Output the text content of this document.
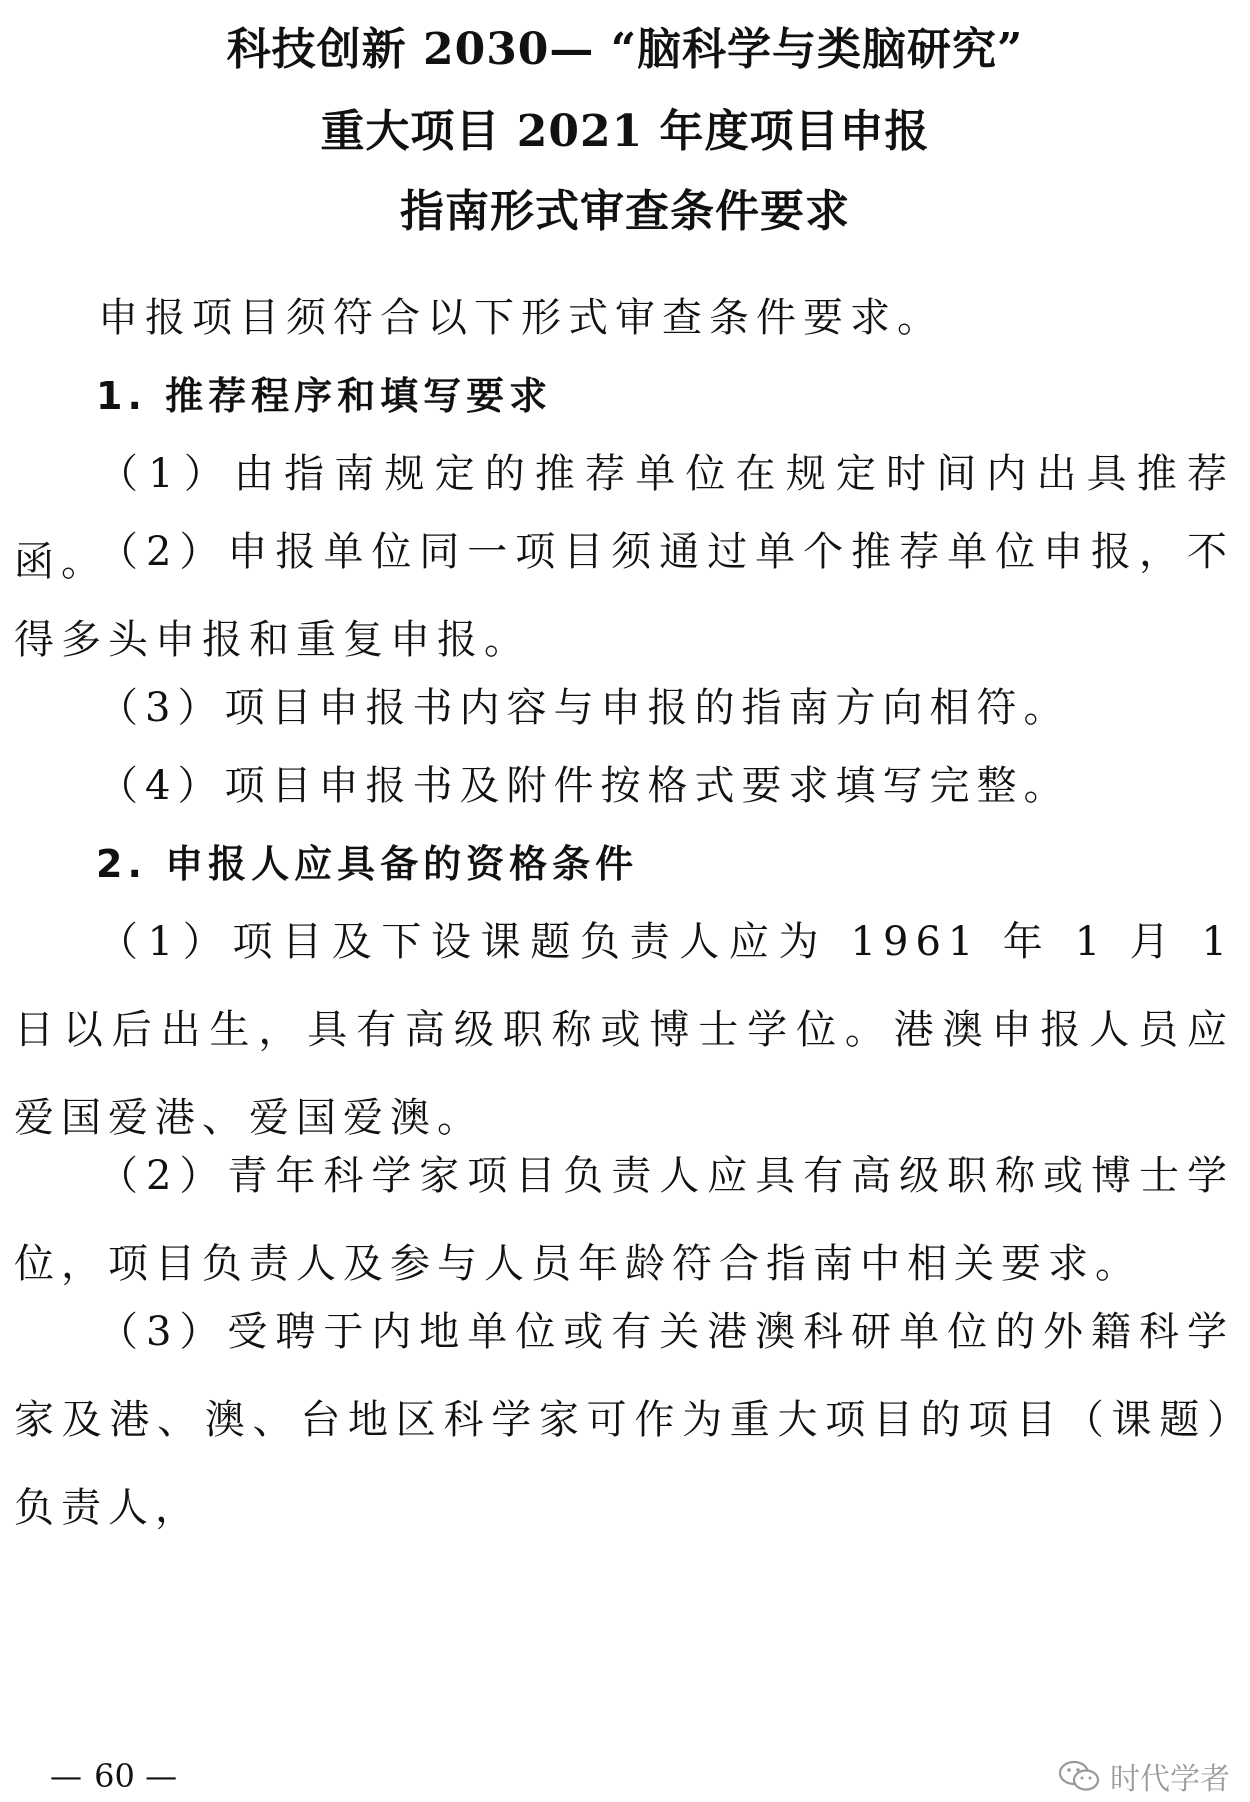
科技创新 2030— “脑科学与类脑研究”
重大项目 2021 年度项目申报
指南形式审查条件要求
申报项目须符合以下形式审查条件要求。
1. 推荐程序和填写要求
（1）由指南规定的推荐单位在规定时间内出具推荐函。
（2）申报单位同一项目须通过单个推荐单位申报，不得多头申报和重复申报。
（3）项目申报书内容与申报的指南方向相符。
（4）项目申报书及附件按格式要求填写完整。
2. 申报人应具备的资格条件
（1）项目及下设课题负责人应为 1961 年 1 月 1 日以后出生，具有高级职称或博士学位。港澳申报人员应爱国爱港、爱国爱澳。
（2）青年科学家项目负责人应具有高级职称或博士学位，项目负责人及参与人员年龄符合指南中相关要求。
（3）受聘于内地单位或有关港澳科研单位的外籍科学家及港、澳、台地区科学家可作为重大项目的项目（课题）负责人，
— 60 —	时代学者
